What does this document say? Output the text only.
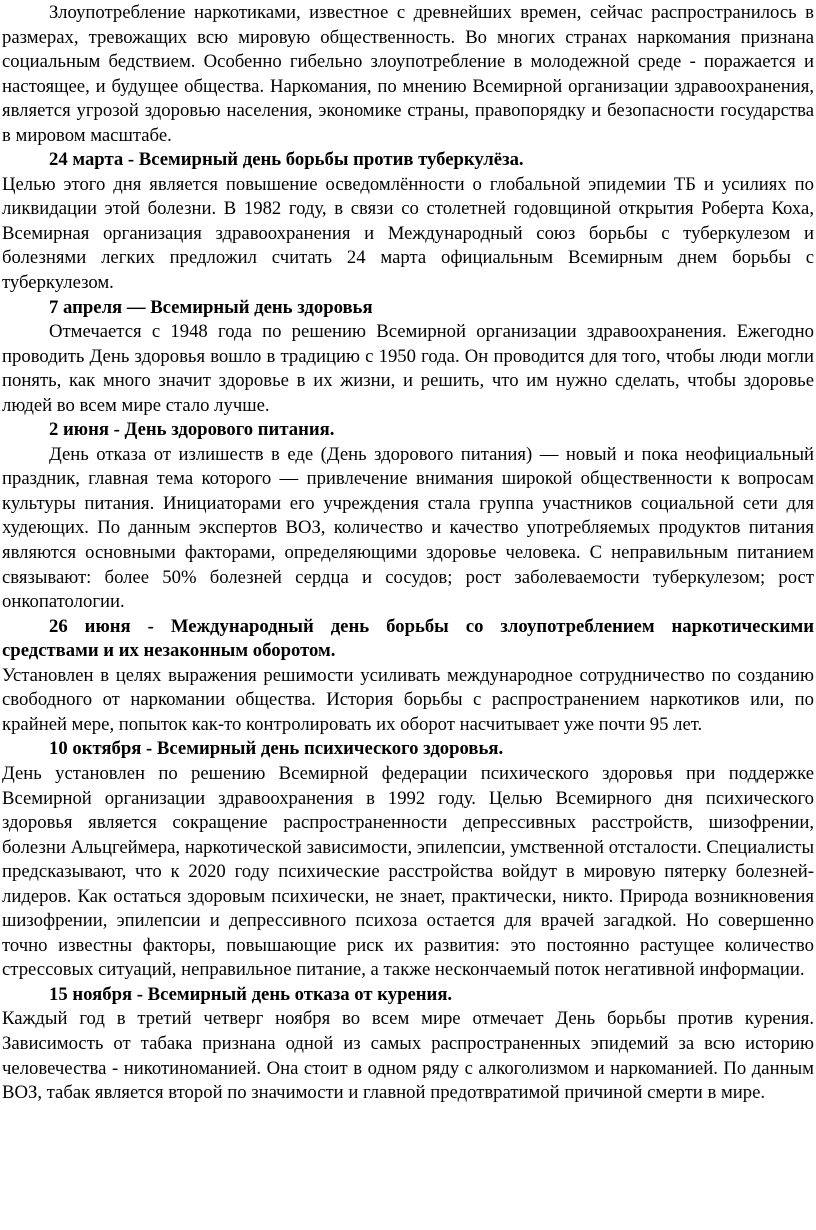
Злоупотребление наркотиками, известное с древнейших времен, сейчас распространилось в размерах, тревожащих всю мировую общественность. Во многих странах наркомания признана социальным бедствием. Особенно гибельно злоупотребление в молодежной среде - поражается и настоящее, и будущее общества. Наркомания, по мнению Всемирной организации здравоохранения, является угрозой здоровью населения, экономике страны, правопорядку и безопасности государства в мировом масштабе.

24 марта - Всемирный день борьбы против туберкулёза.

Целью этого дня является повышение осведомлённости о глобальной эпидемии ТБ и усилиях по ликвидации этой болезни. В 1982 году, в связи со столетней годовщиной открытия Роберта Коха, Всемирная организация здравоохранения и Международный союз борьбы с туберкулезом и болезнями легких предложил считать 24 марта официальным Всемирным днем борьбы с туберкулезом.

7 апреля — Всемирный день здоровья

Отмечается с 1948 года по решению Всемирной организации здравоохранения. Ежегодно проводить День здоровья вошло в традицию с 1950 года. Он проводится для того, чтобы люди могли понять, как много значит здоровье в их жизни, и решить, что им нужно сделать, чтобы здоровье людей во всем мире стало лучше.

2 июня - День здорового питания.

День отказа от излишеств в еде (День здорового питания) — новый и пока неофициальный праздник, главная тема которого — привлечение внимания широкой общественности к вопросам культуры питания. Инициаторами его учреждения стала группа участников социальной сети для худеющих. По данным экспертов ВОЗ, количество и качество употребляемых продуктов питания являются основными факторами, определяющими здоровье человека. С неправильным питанием связывают: более 50% болезней сердца и сосудов; рост заболеваемости туберкулезом; рост онкопатологии.

26 июня - Международный день борьбы со злоупотреблением наркотическими средствами и их незаконным оборотом.

Установлен в целях выражения решимости усиливать международное сотрудничество по созданию свободного от наркомании общества. История борьбы с распространением наркотиков или, по крайней мере, попыток как-то контролировать их оборот насчитывает уже почти 95 лет.

10 октября - Всемирный день психического здоровья.

День установлен по решению Всемирной федерации психического здоровья при поддержке Всемирной организации здравоохранения в 1992 году. Целью Всемирного дня психического здоровья является сокращение распространенности депрессивных расстройств, шизофрении, болезни Альцгеймера, наркотической зависимости, эпилепсии, умственной отсталости. Специалисты предсказывают, что к 2020 году психические расстройства войдут в мировую пятерку болезней-лидеров. Как остаться здоровым психически, не знает, практически, никто. Природа возникновения шизофрении, эпилепсии и депрессивного психоза остается для врачей загадкой. Но совершенно точно известны факторы, повышающие риск их развития: это постоянно растущее количество стрессовых ситуаций, неправильное питание, а также нескончаемый поток негативной информации.

15 ноября - Всемирный день отказа от курения.

Каждый год в третий четверг ноября во всем мире отмечает День борьбы против курения. Зависимость от табака признана одной из самых распространенных эпидемий за всю историю человечества - никотиноманией. Она стоит в одном ряду с алкоголизмом и наркоманией. По данным ВОЗ, табак является второй по значимости и главной предотвратимой причиной смерти в мире.
